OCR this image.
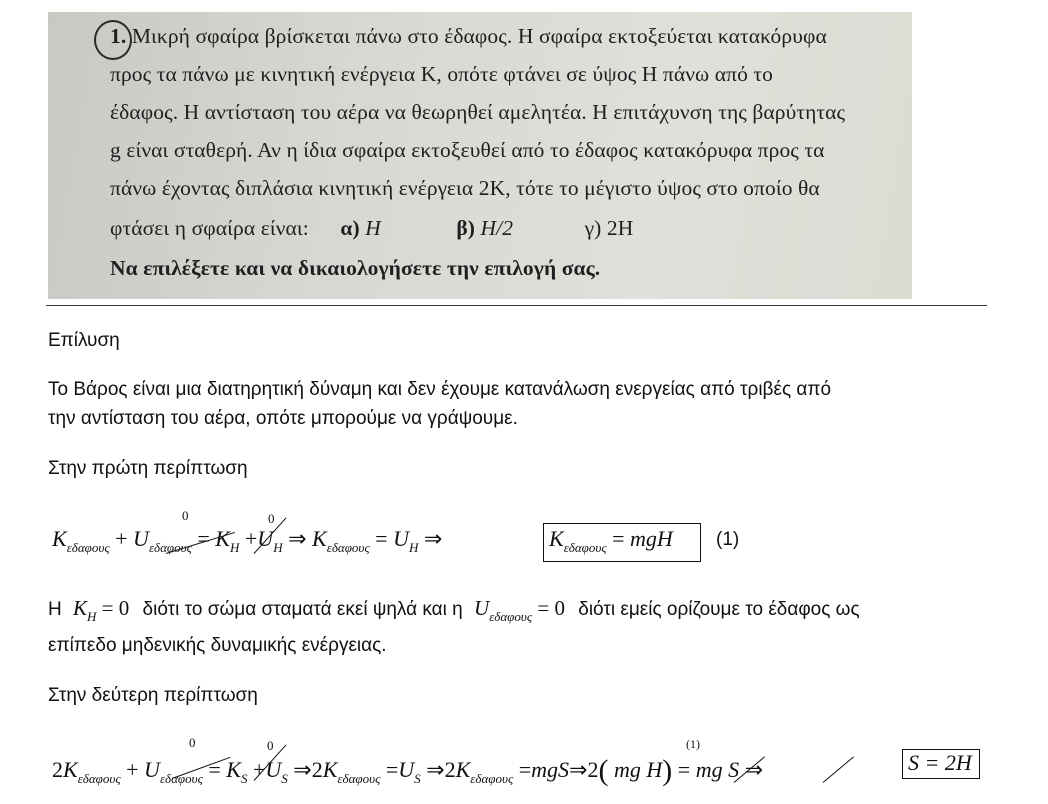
1. Μικρή σφαίρα βρίσκεται πάνω στο έδαφος. Η σφαίρα εκτοξεύεται κατακόρυφα
προς τα πάνω με κινητική ενέργεια K, οπότε φτάνει σε ύψος H πάνω από το
έδαφος. Η αντίσταση του αέρα να θεωρηθεί αμελητέα. Η επιτάχυνση της βαρύτητας
g είναι σταθερή. Αν η ίδια σφαίρα εκτοξευθεί από το έδαφος κατακόρυφα προς τα
πάνω έχοντας διπλάσια κινητική ενέργεια 2K, τότε το μέγιστο ύψος στο οποίο θα
φτάσει η σφαίρα είναι: α) H	β) H/2	γ) 2H
Να επιλέξετε και να δικαιολογήσετε την επιλογή σας.
Επίλυση
Το Βάρος είναι μια διατηρητική δύναμη και δεν έχουμε κατανάλωση ενεργείας από τριβές από
την αντίσταση του αέρα, οπότε μπορούμε να γράψουμε.
Στην πρώτη περίπτωση
0	0
$K_{\varepsilon\delta\alpha\varphi o\upsilon\varsigma} + U_{\varepsilon\delta\alpha\varphi o\upsilon\varsigma} = K_H +U_H$ ⇒ $K_{\varepsilon\delta\alpha\varphi o\upsilon\varsigma} = U_H$ ⇒	$K_{\varepsilon\delta\alpha\varphi o\upsilon\varsigma}$ = mgH (1)
Η $K_H = 0$ διότι το σώμα σταματά εκεί ψηλά και η $U_{\varepsilon\delta\alpha\varphi o\upsilon\varsigma} = 0$ διότι εμείς ορίζουμε το έδαφος ως
επίπεδο μηδενικής δυναμικής ενέργειας.
Στην δεύτερη περίπτωση
0	0	(1)
$2K_{\varepsilon\delta\alpha\varphi o\upsilon\varsigma} + U_{\varepsilon\delta\alpha\varphi o\upsilon\varsigma} = K_S +U_S$ $\Rightarrow 2K_{\varepsilon\delta\alpha\varphi o\upsilon\varsigma} =U_S$ $\Rightarrow 2K_{\varepsilon\delta\alpha\varphi o\upsilon\varsigma}$ =mgS⇒2( mg H) = mg S ⇒	S = 2H
